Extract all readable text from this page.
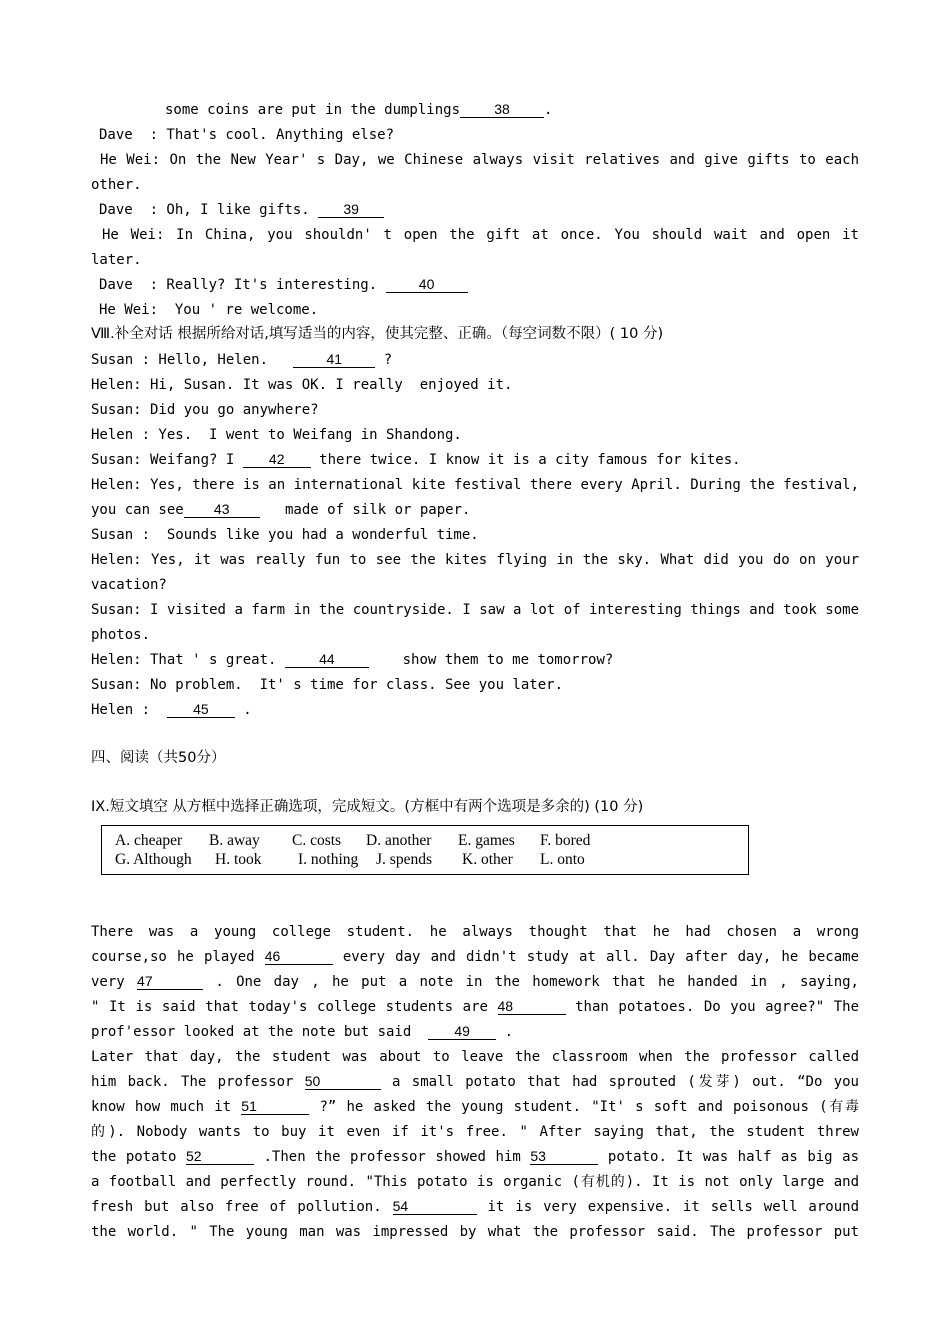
some coins are put in the dumplings 38 .
Dave  : That's cool. Anything else?
He Wei: On the New Year' s Day, we Chinese always visit relatives and give gifts to each
other.
Dave  : Oh, I like gifts. 39
He Wei: In China, you shouldn' t open the gift at once. You should wait and open it
later.
Dave  : Really? It's interesting. 40
He Wei:  You ' re welcome.
Ⅷ.补全对话 根据所给对话,填写适当的内容，使其完整、正确。（每空词数不限）( 10 分)
Susan : Hello, Helen.   41 ?
Helen: Hi, Susan. It was OK. I really  enjoyed it.
Susan: Did you go anywhere?
Helen : Yes.  I went to Weifang in Shandong.
Susan: Weifang? I 42 there twice. I know it is a city famous for kites.
Helen: Yes, there is an international kite festival there every April. During the festival,
you can see 43   made of silk or paper.
Susan :  Sounds like you had a wonderful time.
Helen: Yes, it was really fun to see the kites flying in the sky. What did you do on your
vacation?
Susan: I visited a farm in the countryside. I saw a lot of interesting things and took some
photos.
Helen: That ' s great. 44    show them to me tomorrow?
Susan: No problem.  It' s time for class. See you later.
Helen :  45 .
四、阅读（共50分）
IX.短文填空 从方框中选择正确选项，完成短文。(方框中有两个选项是多余的) (10 分)
A. cheaper B. away C. costs D. another E. games F. bored
G. Although H. took I. nothing J. spends K. other L. onto
There was a young college student. he always thought that he had chosen a wrong
course,so he played 46	every day and didn't study at all. Day after day, he became
very 47	. One day , he put a note in the homework that he handed in , saying,
" It is said that today's college students are 48	than potatoes. Do you agree?" The
prof'essor looked at the note but said  49 .
Later that day, the student was about to leave the classroom when the professor called
him back. The professor 50	a small potato that had sprouted (发芽) out. “Do you
know how much it 51	?” he asked the young student. "It' s soft and poisonous (有毒
的). Nobody wants to buy it even if it's free. " After saying that, the student threw
the potato 52	.Then the professor showed him 53	potato. It was half as big as
a football and perfectly round. "This potato is organic (有机的). It is not only large and
fresh but also free of pollution. 54	it is very expensive. it sells well around
the world. " The young man was impressed by what the professor said. The professor put
